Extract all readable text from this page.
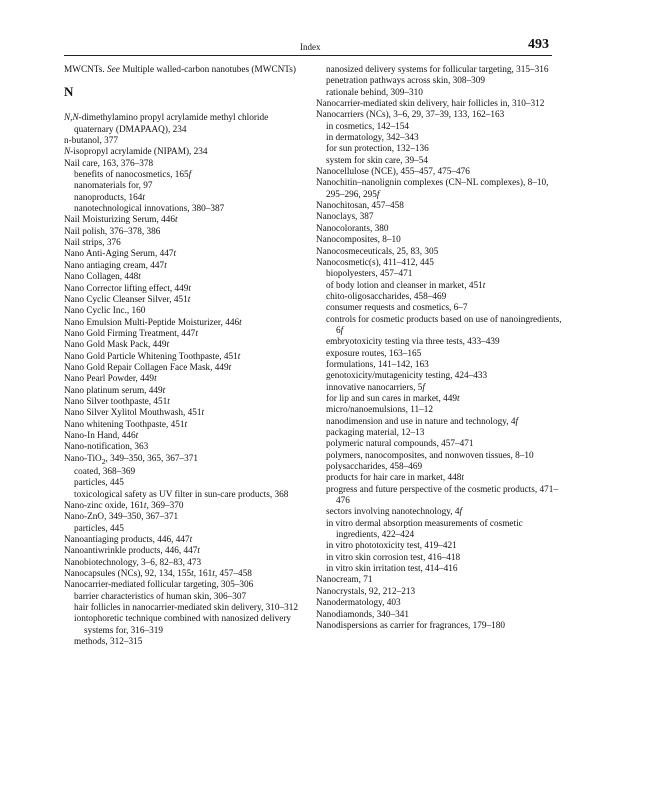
Index	493

MWCNTs. See Multiple walled-carbon nanotubes (MWCNTs)

N

N,N-dimethylamino propyl acrylamide methyl chloride quaternary (DMAPAAQ), 234

n-butanol, 377

N-isopropyl acrylamide (NIPAM), 234

Nail care, 163, 376–378

benefits of nanocosmetics, 165f

nanomaterials for, 97

nanoproducts, 164t

nanotechnological innovations, 380–387

Nail Moisturizing Serum, 446t

Nail polish, 376–378, 386

Nail strips, 376

Nano Anti-Aging Serum, 447t

Nano antiaging cream, 447t

Nano Collagen, 448t

Nano Corrector lifting effect, 449t

Nano Cyclic Cleanser Silver, 451t

Nano Cyclic Inc., 160

Nano Emulsion Multi-Peptide Moisturizer, 446t

Nano Gold Firming Treatment, 447t

Nano Gold Mask Pack, 449t

Nano Gold Particle Whitening Toothpaste, 451t

Nano Gold Repair Collagen Face Mask, 449t

Nano Pearl Powder, 449t

Nano platinum serum, 449t

Nano Silver toothpaste, 451t

Nano Silver Xylitol Mouthwash, 451t

Nano whitening Toothpaste, 451t

Nano-In Hand, 446t

Nano-notification, 363

Nano-TiO$_2$, 349–350, 365, 367–371

coated, 368–369

particles, 445

toxicological safety as UV filter in sun-care products, 368

Nano-zinc oxide, 161t, 369–370

Nano-ZnO, 349–350, 367–371

particles, 445

Nanoantiaging products, 446, 447t

Nanoantiwrinkle products, 446, 447t

Nanobiotechnology, 3–6, 82–83, 473

Nanocapsules (NCs), 92, 134, 155t, 161t, 457–458

Nanocarrier-mediated follicular targeting, 305–306

barrier characteristics of human skin, 306–307

hair follicles in nanocarrier-mediated skin delivery, 310–312

iontophoretic technique combined with nanosized delivery systems for, 316–319

methods, 312–315

nanosized delivery systems for follicular targeting, 315–316

penetration pathways across skin, 308–309

rationale behind, 309–310

Nanocarrier-mediated skin delivery, hair follicles in, 310–312

Nanocarriers (NCs), 3–6, 29, 37–39, 133, 162–163

in cosmetics, 142–154

in dermatology, 342–343

for sun protection, 132–136

system for skin care, 39–54

Nanocellulose (NCE), 455–457, 475–476

Nanochitin–nanolignin complexes (CN–NL complexes), 8–10, 295–296, 295f

Nanochitosan, 457–458

Nanoclays, 387

Nanocolorants, 380

Nanocomposites, 8–10

Nanocosmeceuticals, 25, 83, 305

Nanocosmetic(s), 411–412, 445

biopolyesters, 457–471

of body lotion and cleanser in market, 451t

chito-oligosaccharides, 458–469

consumer requests and cosmetics, 6–7

controls for cosmetic products based on use of nanoingredients, 6f

embryotoxicity testing via three tests, 433–439

exposure routes, 163–165

formulations, 141–142, 163

genotoxicity/mutagenicity testing, 424–433

innovative nanocarriers, 5f

for lip and sun cares in market, 449t

micro/nanoemulsions, 11–12

nanodimension and use in nature and technology, 4f

packaging material, 12–13

polymeric natural compounds, 457–471

polymers, nanocomposites, and nonwoven tissues, 8–10

polysaccharides, 458–469

products for hair care in market, 448t

progress and future perspective of the cosmetic products, 471–476

sectors involving nanotechnology, 4f

in vitro dermal absorption measurements of cosmetic ingredients, 422–424

in vitro phototoxicity test, 419–421

in vitro skin corrosion test, 416–418

in vitro skin irritation test, 414–416

Nanocream, 71

Nanocrystals, 92, 212–213

Nanodermatology, 403

Nanodiamonds, 340–341

Nanodispersions as carrier for fragrances, 179–180
